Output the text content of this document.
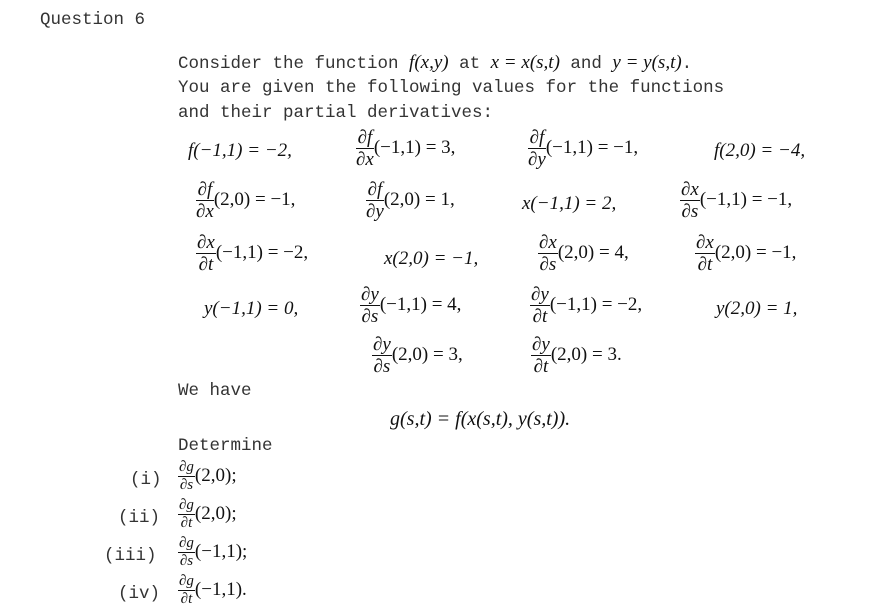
Question 6
Consider the function f(x,y) at x = x(s,t) and y = y(s,t).
You are given the following values for the functions
and their partial derivatives:
f(−1,1) = −2,	$\frac{\partial f}{\partial x} (-1,1) = 3$,	$\frac{\partial f}{\partial y} (-1,1) = -1$,	f(2,0) = −4,
$\frac{\partial f}{\partial x} (2,0) = -1$,	$\frac{\partial f}{\partial y} (2,0) = 1$,	x(−1,1) = 2,	$\frac{\partial x}{\partial s} (-1,1) = -1$,
$\frac{\partial x}{\partial t} (-1,1) = -2$,	x(2,0) = −1,	$\frac{\partial x}{\partial s} (2,0) = 4$,	$\frac{\partial x}{\partial t} (2,0) = -1$,
y(−1,1) = 0,	$\frac{\partial y}{\partial s} (-1,1) = 4$,	$\frac{\partial y}{\partial t} (-1,1) = -2$,	y(2,0) = 1,
$\frac{\partial y}{\partial s} (2,0) = 3$,	$\frac{\partial y}{\partial t} (2,0) = 3$.
We have
g(s,t) = f(x(s,t), y(s,t)).
Determine
$(i) \frac{\partial g}{\partial s} (2,0)$;
$(ii) \frac{\partial g}{\partial t} (2,0)$;
$(iii) \frac{\partial g}{\partial s} (-1,1)$;
$(iv) \frac{\partial g}{\partial t} (-1,1)$.
